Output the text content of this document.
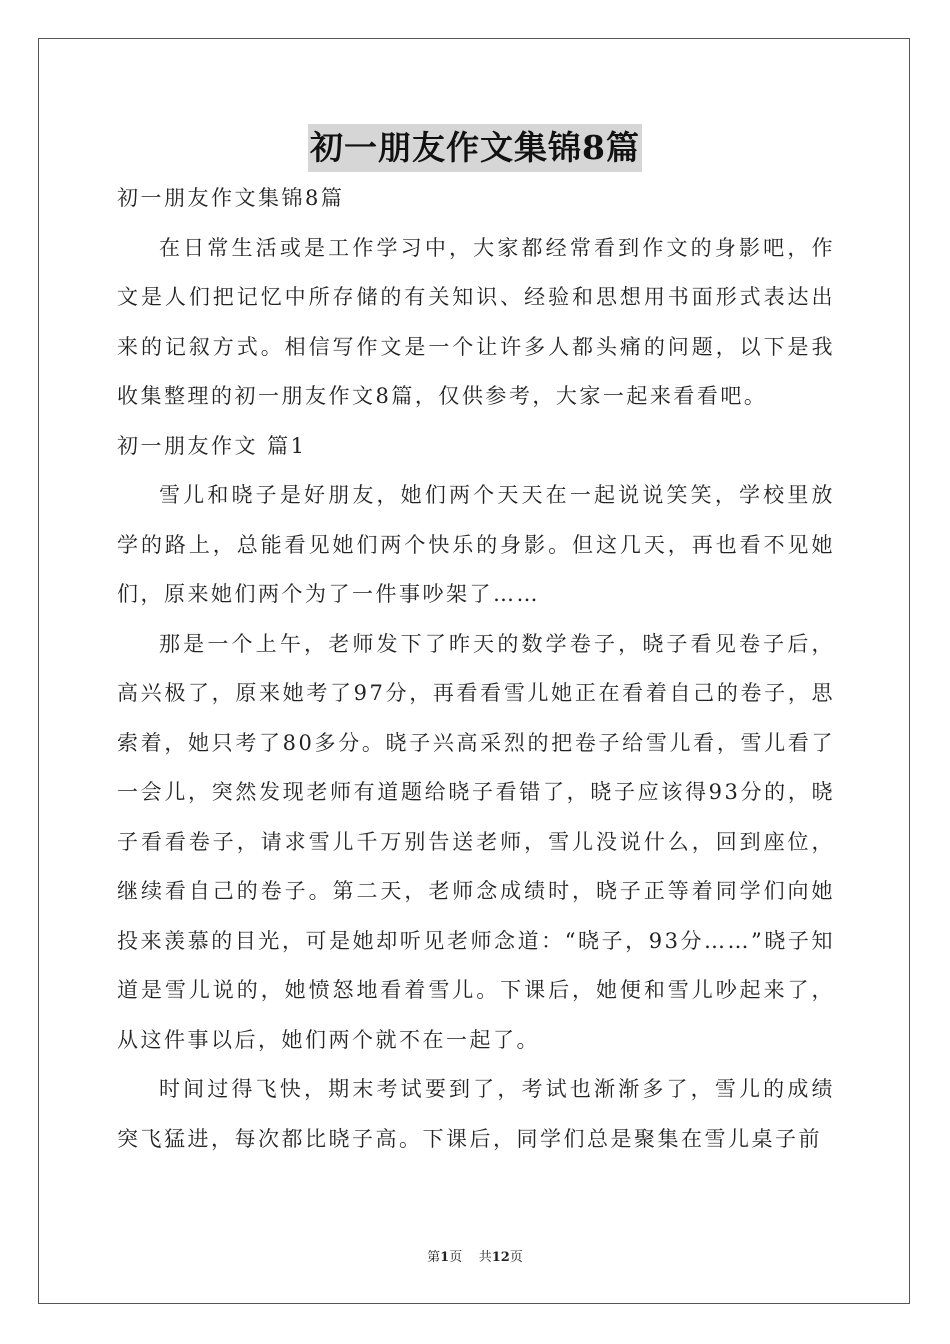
初一朋友作文集锦8篇

初一朋友作文集锦8篇

在日常生活或是工作学习中，大家都经常看到作文的身影吧，作文是人们把记忆中所存储的有关知识、经验和思想用书面形式表达出来的记叙方式。相信写作文是一个让许多人都头痛的问题，以下是我收集整理的初一朋友作文8篇，仅供参考，大家一起来看看吧。

初一朋友作文 篇1

雪儿和晓子是好朋友，她们两个天天在一起说说笑笑，学校里放学的路上，总能看见她们两个快乐的身影。但这几天，再也看不见她们，原来她们两个为了一件事吵架了……

那是一个上午，老师发下了昨天的数学卷子，晓子看见卷子后，高兴极了，原来她考了97分，再看看雪儿她正在看着自己的卷子，思索着，她只考了80多分。晓子兴高采烈的把卷子给雪儿看，雪儿看了一会儿，突然发现老师有道题给晓子看错了，晓子应该得93分的，晓子看看卷子，请求雪儿千万别告送老师，雪儿没说什么，回到座位，继续看自己的卷子。第二天，老师念成绩时，晓子正等着同学们向她投来羡慕的目光，可是她却听见老师念道：“晓子，93分……”晓子知道是雪儿说的，她愤怒地看着雪儿。下课后，她便和雪儿吵起来了，从这件事以后，她们两个就不在一起了。

时间过得飞快，期末考试要到了，考试也渐渐多了，雪儿的成绩突飞猛进，每次都比晓子高。下课后，同学们总是聚集在雪儿桌子前

第1页    共12页
